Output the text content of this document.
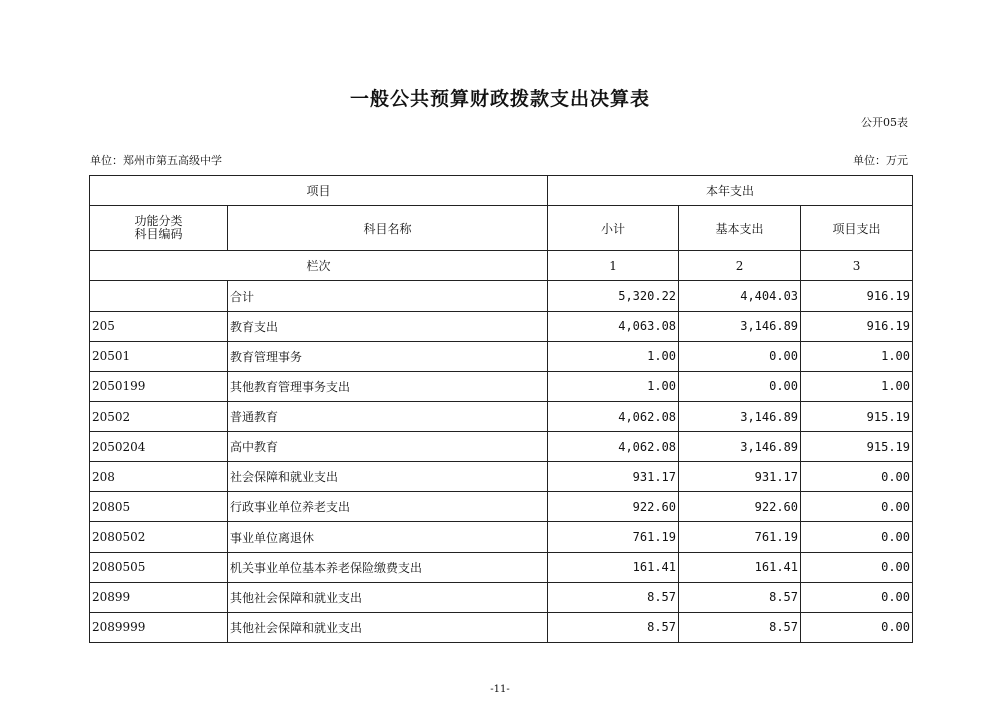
一般公共预算财政拨款支出决算表
公开05表
单位：郑州市第五高级中学	单位：万元
项目		本年支出		

功能分类
科目编码	科目名称	小计	基本支出	项目支出
栏次		1	2	3
	合计	5,320.22	4,404.03	916.19
205	教育支出	4,063.08	3,146.89	916.19
20501	教育管理事务	1.00	0.00	1.00
2050199	其他教育管理事务支出	1.00	0.00	1.00
20502	普通教育	4,062.08	3,146.89	915.19
2050204	高中教育	4,062.08	3,146.89	915.19
208	社会保障和就业支出	931.17	931.17	0.00
20805	行政事业单位养老支出	922.60	922.60	0.00
2080502	事业单位离退休	761.19	761.19	0.00
2080505	机关事业单位基本养老保险缴费支出	161.41	161.41	0.00
20899	其他社会保障和就业支出	8.57	8.57	0.00
2089999	其他社会保障和就业支出	8.57	8.57	0.00
-11-
